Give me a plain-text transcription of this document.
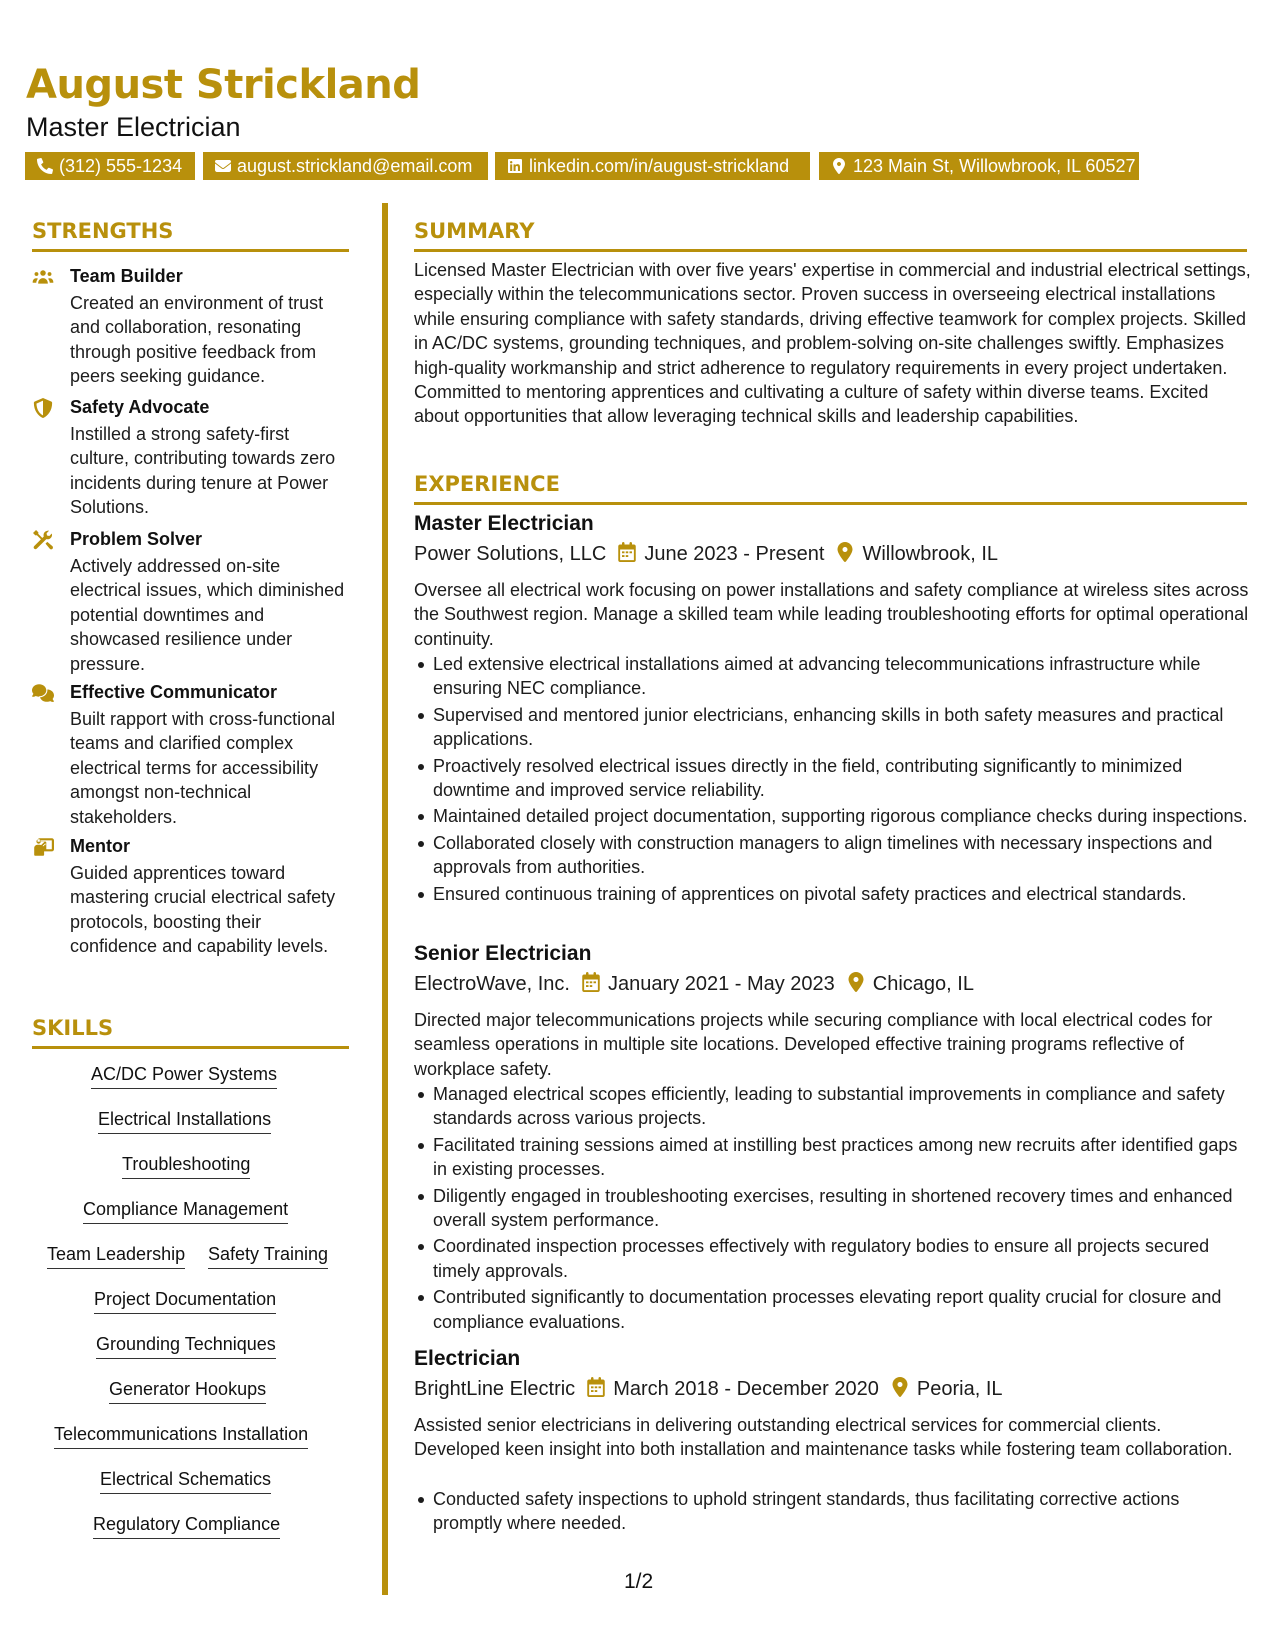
August Strickland
Master Electrician
(312) 555-1234	august.strickland@email.com	linkedin.com/in/august-strickland	123 Main St, Willowbrook, IL 60527
STRENGTHS
Team Builder
Created an environment of trust and collaboration, resonating through positive feedback from peers seeking guidance.
Safety Advocate
Instilled a strong safety-first culture, contributing towards zero incidents during tenure at Power Solutions.
Problem Solver
Actively addressed on-site electrical issues, which diminished potential downtimes and showcased resilience under pressure.
Effective Communicator
Built rapport with cross-functional teams and clarified complex electrical terms for accessibility amongst non-technical stakeholders.
Mentor
Guided apprentices toward mastering crucial electrical safety protocols, boosting their confidence and capability levels.
SKILLS
AC/DC Power Systems
Electrical Installations
Troubleshooting
Compliance Management
Team Leadership Safety Training
Project Documentation
Grounding Techniques
Generator Hookups
Telecommunications Installation
Electrical Schematics
Regulatory Compliance
SUMMARY
Licensed Master Electrician with over five years' expertise in commercial and industrial electrical settings, especially within the telecommunications sector. Proven success in overseeing electrical installations while ensuring compliance with safety standards, driving effective teamwork for complex projects. Skilled in AC/DC systems, grounding techniques, and problem-solving on-site challenges swiftly. Emphasizes high-quality workmanship and strict adherence to regulatory requirements in every project undertaken. Committed to mentoring apprentices and cultivating a culture of safety within diverse teams. Excited about opportunities that allow leveraging technical skills and leadership capabilities.
EXPERIENCE
Master Electrician
Power Solutions, LLC June 2023 - Present Willowbrook, IL
Oversee all electrical work focusing on power installations and safety compliance at wireless sites across the Southwest region. Manage a skilled team while leading troubleshooting efforts for optimal operational continuity.
Led extensive electrical installations aimed at advancing telecommunications infrastructure while ensuring NEC compliance.
Supervised and mentored junior electricians, enhancing skills in both safety measures and practical applications.
Proactively resolved electrical issues directly in the field, contributing significantly to minimized downtime and improved service reliability.
Maintained detailed project documentation, supporting rigorous compliance checks during inspections.
Collaborated closely with construction managers to align timelines with necessary inspections and approvals from authorities.
Ensured continuous training of apprentices on pivotal safety practices and electrical standards.
Senior Electrician
ElectroWave, Inc. January 2021 - May 2023 Chicago, IL
Directed major telecommunications projects while securing compliance with local electrical codes for seamless operations in multiple site locations. Developed effective training programs reflective of workplace safety.
Managed electrical scopes efficiently, leading to substantial improvements in compliance and safety standards across various projects.
Facilitated training sessions aimed at instilling best practices among new recruits after identified gaps in existing processes.
Diligently engaged in troubleshooting exercises, resulting in shortened recovery times and enhanced overall system performance.
Coordinated inspection processes effectively with regulatory bodies to ensure all projects secured timely approvals.
Contributed significantly to documentation processes elevating report quality crucial for closure and compliance evaluations.
Electrician
BrightLine Electric March 2018 - December 2020 Peoria, IL
Assisted senior electricians in delivering outstanding electrical services for commercial clients. Developed keen insight into both installation and maintenance tasks while fostering team collaboration.
Conducted safety inspections to uphold stringent standards, thus facilitating corrective actions promptly where needed.
1/2
